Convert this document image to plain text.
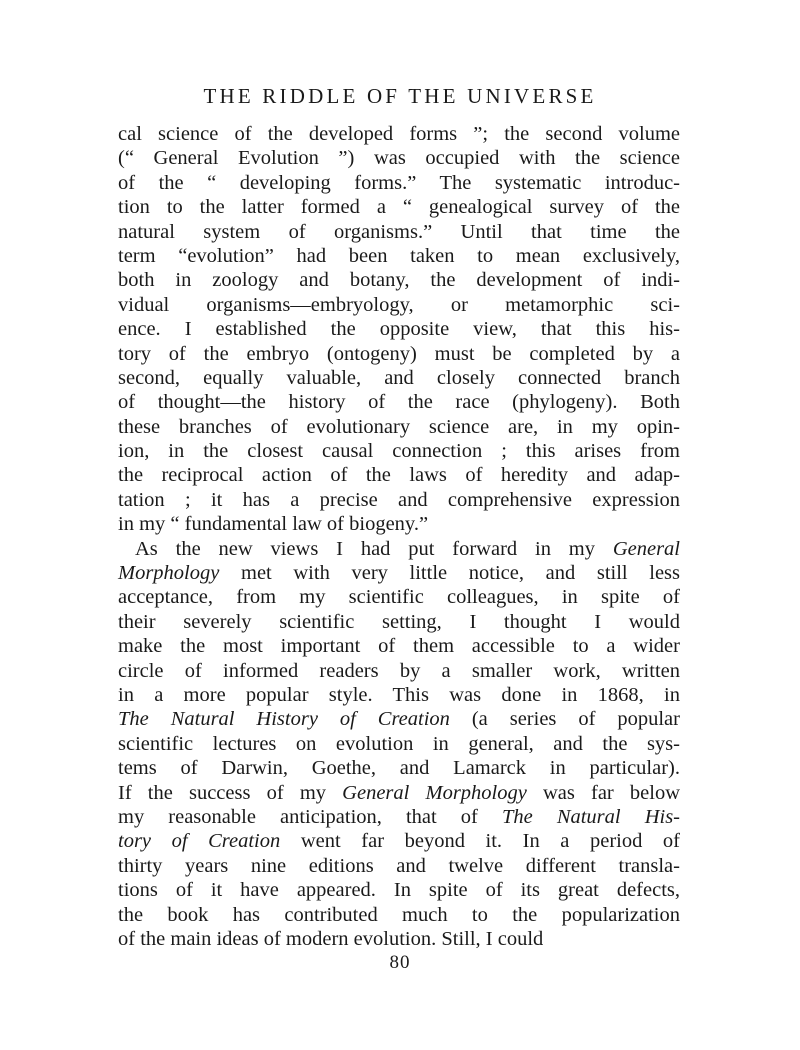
THE RIDDLE OF THE UNIVERSE
cal science of the developed forms ”; the second volume
(“ General Evolution ”) was occupied with the science
of the “ developing forms.” The systematic introduc-
tion to the latter formed a “ genealogical survey of the
natural system of organisms.” Until that time the
term “evolution” had been taken to mean exclusively,
both in zoology and botany, the development of indi-
vidual organisms—embryology, or metamorphic sci-
ence. I established the opposite view, that this his-
tory of the embryo (ontogeny) must be completed by a
second, equally valuable, and closely connected branch
of thought—the history of the race (phylogeny). Both
these branches of evolutionary science are, in my opin-
ion, in the closest causal connection ; this arises from
the reciprocal action of the laws of heredity and adap-
tation ; it has a precise and comprehensive expression
in my “ fundamental law of biogeny.”
As the new views I had put forward in my General
Morphology met with very little notice, and still less
acceptance, from my scientific colleagues, in spite of
their severely scientific setting, I thought I would
make the most important of them accessible to a wider
circle of informed readers by a smaller work, written
in a more popular style. This was done in 1868, in
The Natural History of Creation (a series of popular
scientific lectures on evolution in general, and the sys-
tems of Darwin, Goethe, and Lamarck in particular).
If the success of my General Morphology was far below
my reasonable anticipation, that of The Natural His-
tory of Creation went far beyond it. In a period of
thirty years nine editions and twelve different transla-
tions of it have appeared. In spite of its great defects,
the book has contributed much to the popularization
of the main ideas of modern evolution. Still, I could
80
